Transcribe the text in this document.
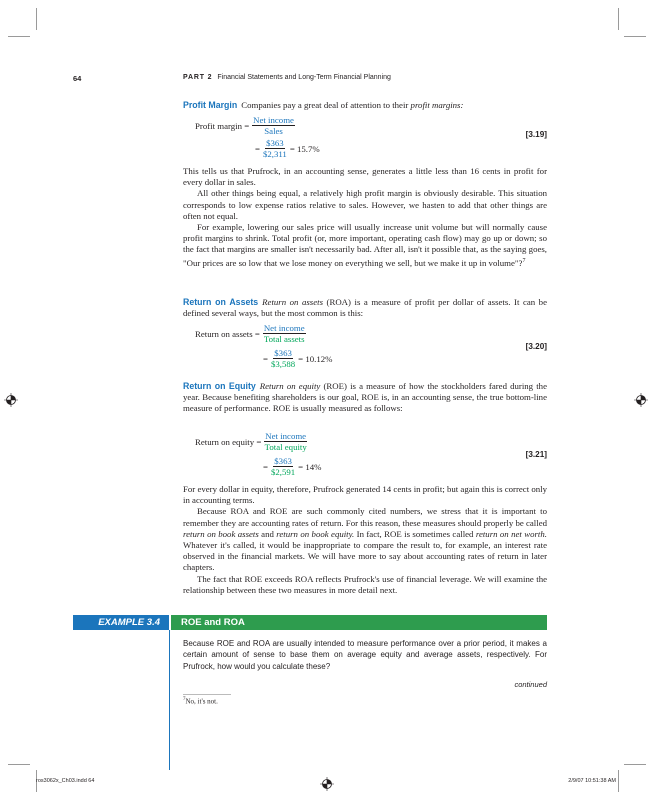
64	PART 2 Financial Statements and Long-Term Financial Planning
Profit Margin Companies pay a great deal of attention to their profit margins:
Profit margin = $\frac{\text{Net income}}{\text{Sales}}$
= $\frac{\$363}{\$2,311} = 15.7\%$
[3.19]

This tells us that Prufrock, in an accounting sense, generates a little less than 16 cents in profit for every dollar in sales.

All other things being equal, a relatively high profit margin is obviously desirable. This situation corresponds to low expense ratios relative to sales. However, we hasten to add that other things are often not equal.

For example, lowering our sales price will usually increase unit volume but will normally cause profit margins to shrink. Total profit (or, more important, operating cash flow) may go up or down; so the fact that margins are smaller isn't necessarily bad. After all, isn't it possible that, as the saying goes, "Our prices are so low that we lose money on everything we sell, but we make it up in volume"?$^7$

Return on Assets Return on assets (ROA) is a measure of profit per dollar of assets. It can be defined several ways, but the most common is this:
Return on assets = $\frac{\text{Net income}}{\text{Total assets}}$
= $\frac{\$363}{\$3,588} = 10.12\%$
[3.20]
Return on Equity Return on equity (ROE) is a measure of how the stockholders fared during the year. Because benefiting shareholders is our goal, ROE is, in an accounting sense, the true bottom-line measure of performance. ROE is usually measured as follows:
Return on equity = $\frac{\text{Net income}}{\text{Total equity}}$
= $\frac{\$363}{\$2,591} = 14\%$
[3.21]

For every dollar in equity, therefore, Prufrock generated 14 cents in profit; but again this is correct only in accounting terms.

Because ROA and ROE are such commonly cited numbers, we stress that it is important to remember they are accounting rates of return. For this reason, these measures should properly be called return on book assets and return on book equity. In fact, ROE is sometimes called return on net worth. Whatever it's called, it would be inappropriate to compare the result to, for example, an interest rate observed in the financial markets. We will have more to say about accounting rates of return in later chapters.

The fact that ROE exceeds ROA reflects Prufrock's use of financial leverage. We will examine the relationship between these two measures in more detail next.

EXAMPLE 3.4	ROE and ROA
Because ROE and ROA are usually intended to measure performance over a prior period, it makes a certain amount of sense to base them on average equity and average assets, respectively. For Prufrock, how would you calculate these?
continued
$^7$No, it's not.
ros3062x_Ch03.indd 64	2/9/07 10:51:38 AM
